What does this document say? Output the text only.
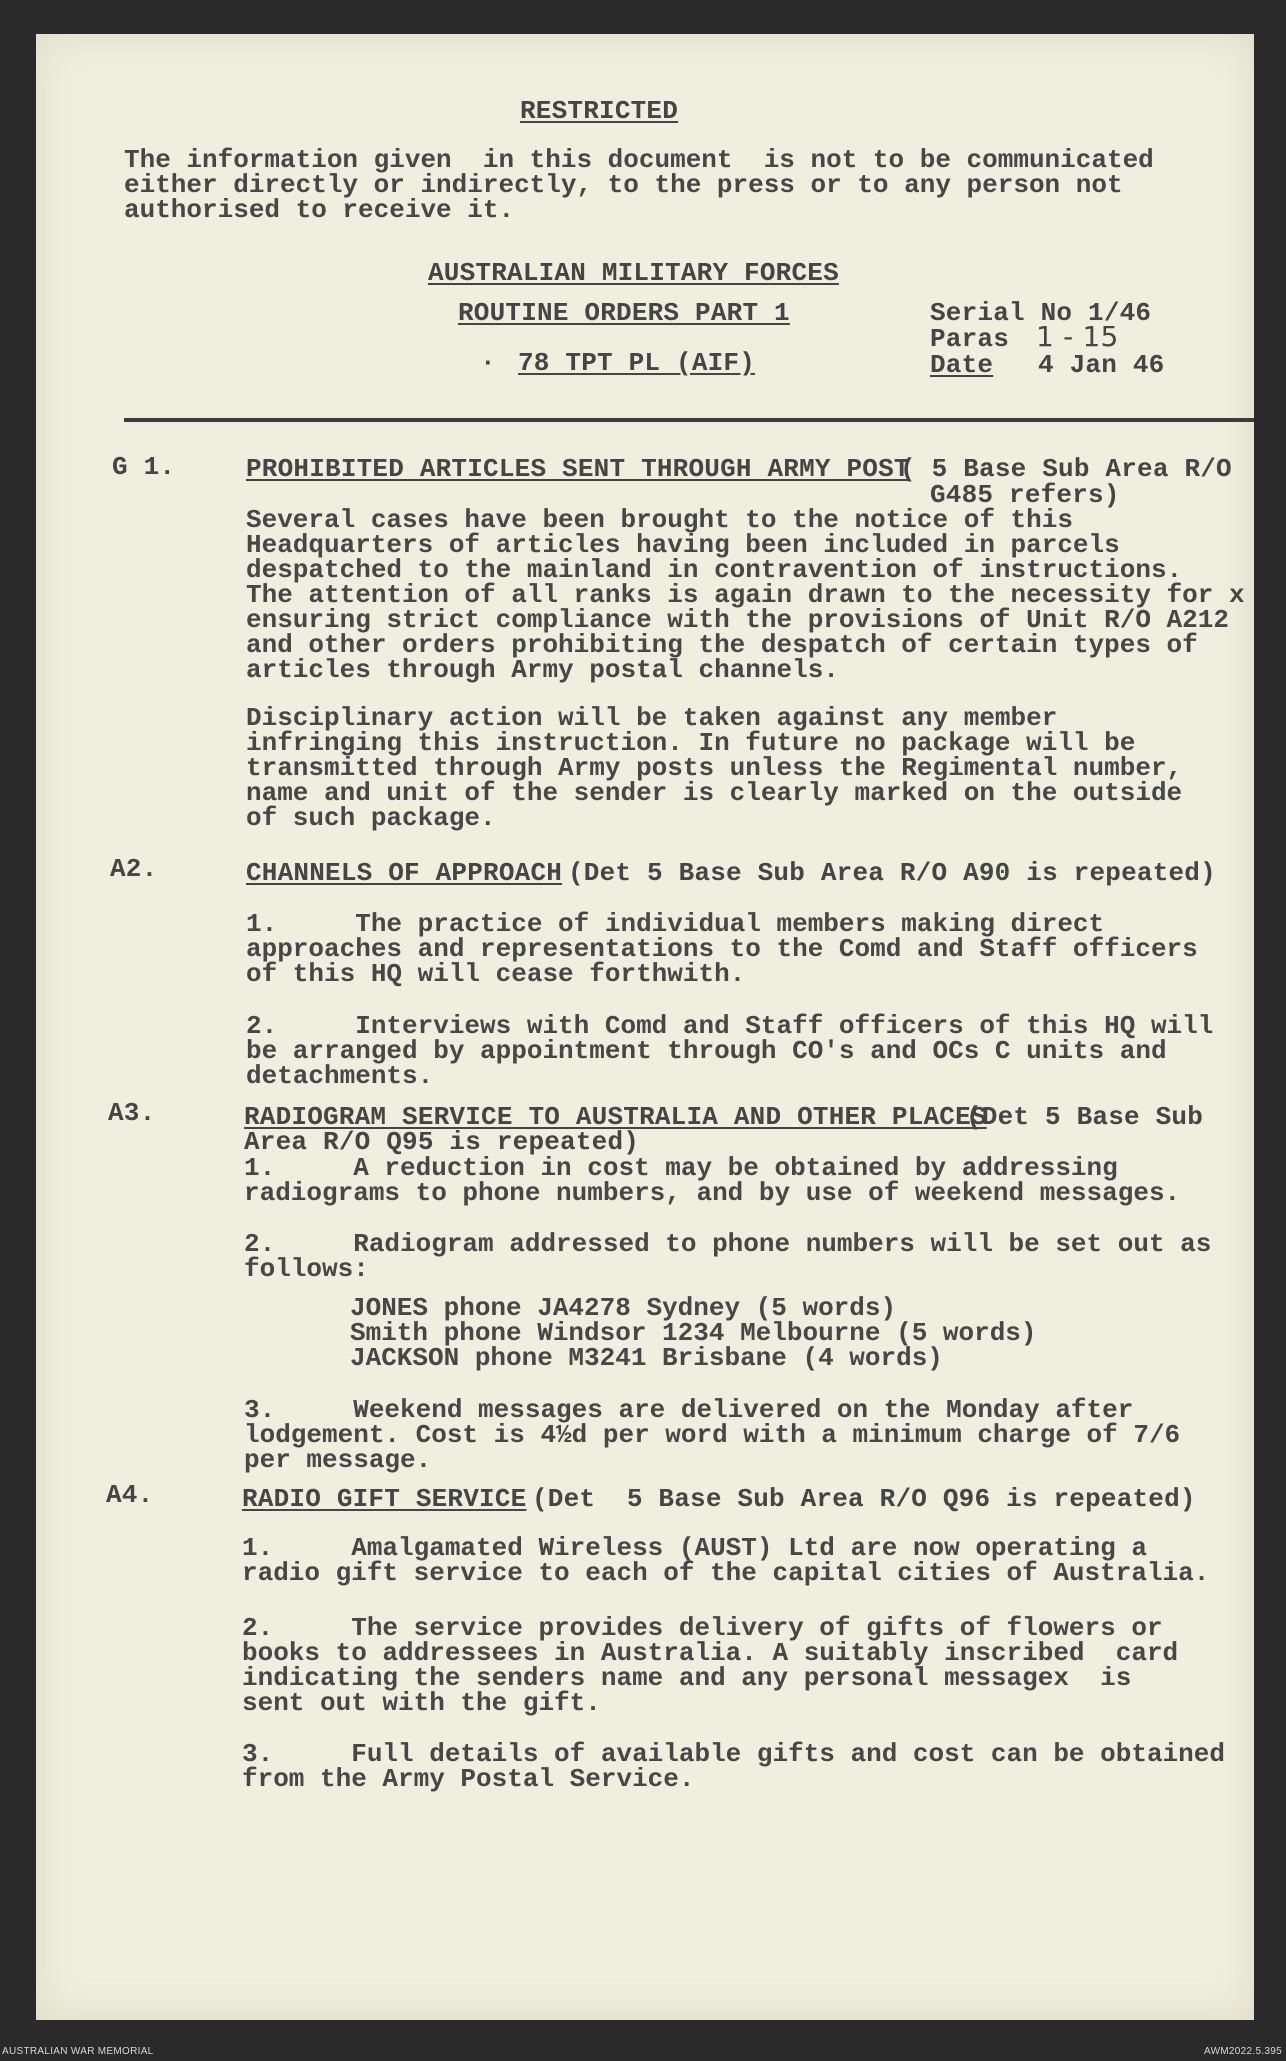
RESTRICTED
The information given  in this document  is not to be communicated
either directly or indirectly, to the press or to any person not
authorised to receive it.
AUSTRALIAN MILITARY FORCES
ROUTINE ORDERS PART 1
· 78 TPT PL (AIF)
Serial No 1/46
Paras 1 - 15
Date 4 Jan 46
G 1.	PROHIBITED ARTICLES SENT THROUGH ARMY POST
( 5 Base Sub Area R/O
G485 refers)
Several cases have been brought to the notice of this
Headquarters of articles having been included in parcels
despatched to the mainland in contravention of instructions.
The attention of all ranks is again drawn to the necessity for x
ensuring strict compliance with the provisions of Unit R/O A212
and other orders prohibiting the despatch of certain types of
articles through Army postal channels.
Disciplinary action will be taken against any member
infringing this instruction. In future no package will be
transmitted through Army posts unless the Regimental number,
name and unit of the sender is clearly marked on the outside
of such package.
A2.	CHANNELS OF APPROACH (Det 5 Base Sub Area R/O A90 is repeated)
1.     The practice of individual members making direct
approaches and representations to the Comd and Staff officers
of this HQ will cease forthwith.
2.     Interviews with Comd and Staff officers of this HQ will
be arranged by appointment through CO's and OCs C units and
detachments.
A3.	RADIOGRAM SERVICE TO AUSTRALIA AND OTHER PLACES
(Det 5 Base Sub
Area R/O Q95 is repeated)
1.     A reduction in cost may be obtained by addressing
radiograms to phone numbers, and by use of weekend messages.
2.     Radiogram addressed to phone numbers will be set out as
follows:
JONES phone JA4278 Sydney (5 words)
Smith phone Windsor 1234 Melbourne (5 words)
JACKSON phone M3241 Brisbane (4 words)
3.     Weekend messages are delivered on the Monday after
lodgement. Cost is 4½d per word with a minimum charge of 7/6
per message.
A4.	RADIO GIFT SERVICE (Det  5 Base Sub Area R/O Q96 is repeated)
1.     Amalgamated Wireless (AUST) Ltd are now operating a
radio gift service to each of the capital cities of Australia.
2.     The service provides delivery of gifts of flowers or
books to addressees in Australia. A suitably inscribed  card
indicating the senders name and any personal messagex  is
sent out with the gift.
3.     Full details of available gifts and cost can be obtained
from the Army Postal Service.
AUSTRALIAN WAR MEMORIAL	AWM2022.5.395
